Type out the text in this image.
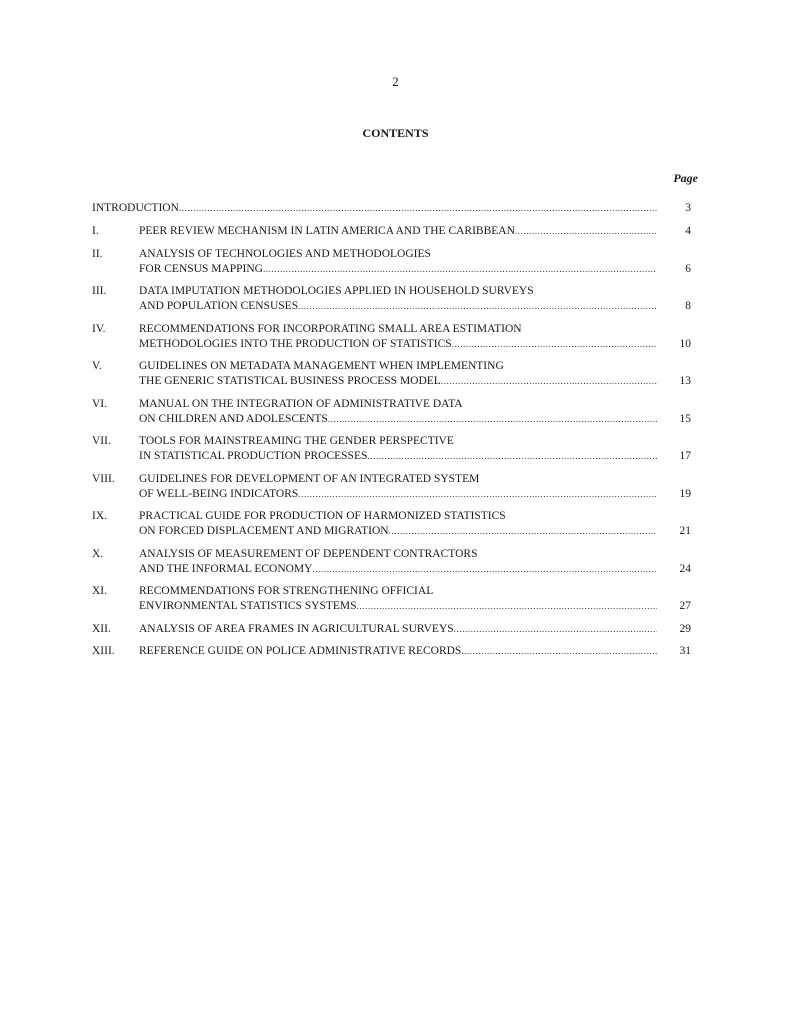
2
CONTENTS
Page
INTRODUCTION .....	3
I.	PEER REVIEW MECHANISM IN LATIN AMERICA AND THE CARIBBEAN .....	4
II.	ANALYSIS OF TECHNOLOGIES AND METHODOLOGIES
FOR CENSUS MAPPING .....	6
III.	DATA IMPUTATION METHODOLOGIES APPLIED IN HOUSEHOLD SURVEYS
AND POPULATION CENSUSES .....	8
IV.	RECOMMENDATIONS FOR INCORPORATING SMALL AREA ESTIMATION
METHODOLOGIES INTO THE PRODUCTION OF STATISTICS .....	10
V.	GUIDELINES ON METADATA MANAGEMENT WHEN IMPLEMENTING
THE GENERIC STATISTICAL BUSINESS PROCESS MODEL .....	13
VI.	MANUAL ON THE INTEGRATION OF ADMINISTRATIVE DATA
ON CHILDREN AND ADOLESCENTS .....	15
VII.	TOOLS FOR MAINSTREAMING THE GENDER PERSPECTIVE
IN STATISTICAL PRODUCTION PROCESSES .....	17
VIII.	GUIDELINES FOR DEVELOPMENT OF AN INTEGRATED SYSTEM
OF WELL-BEING INDICATORS .....	19
IX.	PRACTICAL GUIDE FOR PRODUCTION OF HARMONIZED STATISTICS
ON FORCED DISPLACEMENT AND MIGRATION .....	21
X.	ANALYSIS OF MEASUREMENT OF DEPENDENT CONTRACTORS
AND THE INFORMAL ECONOMY .....	24
XI.	RECOMMENDATIONS FOR STRENGTHENING OFFICIAL
ENVIRONMENTAL STATISTICS SYSTEMS .....	27
XII.	ANALYSIS OF AREA FRAMES IN AGRICULTURAL SURVEYS .....	29
XIII.	REFERENCE GUIDE ON POLICE ADMINISTRATIVE RECORDS .....	31
